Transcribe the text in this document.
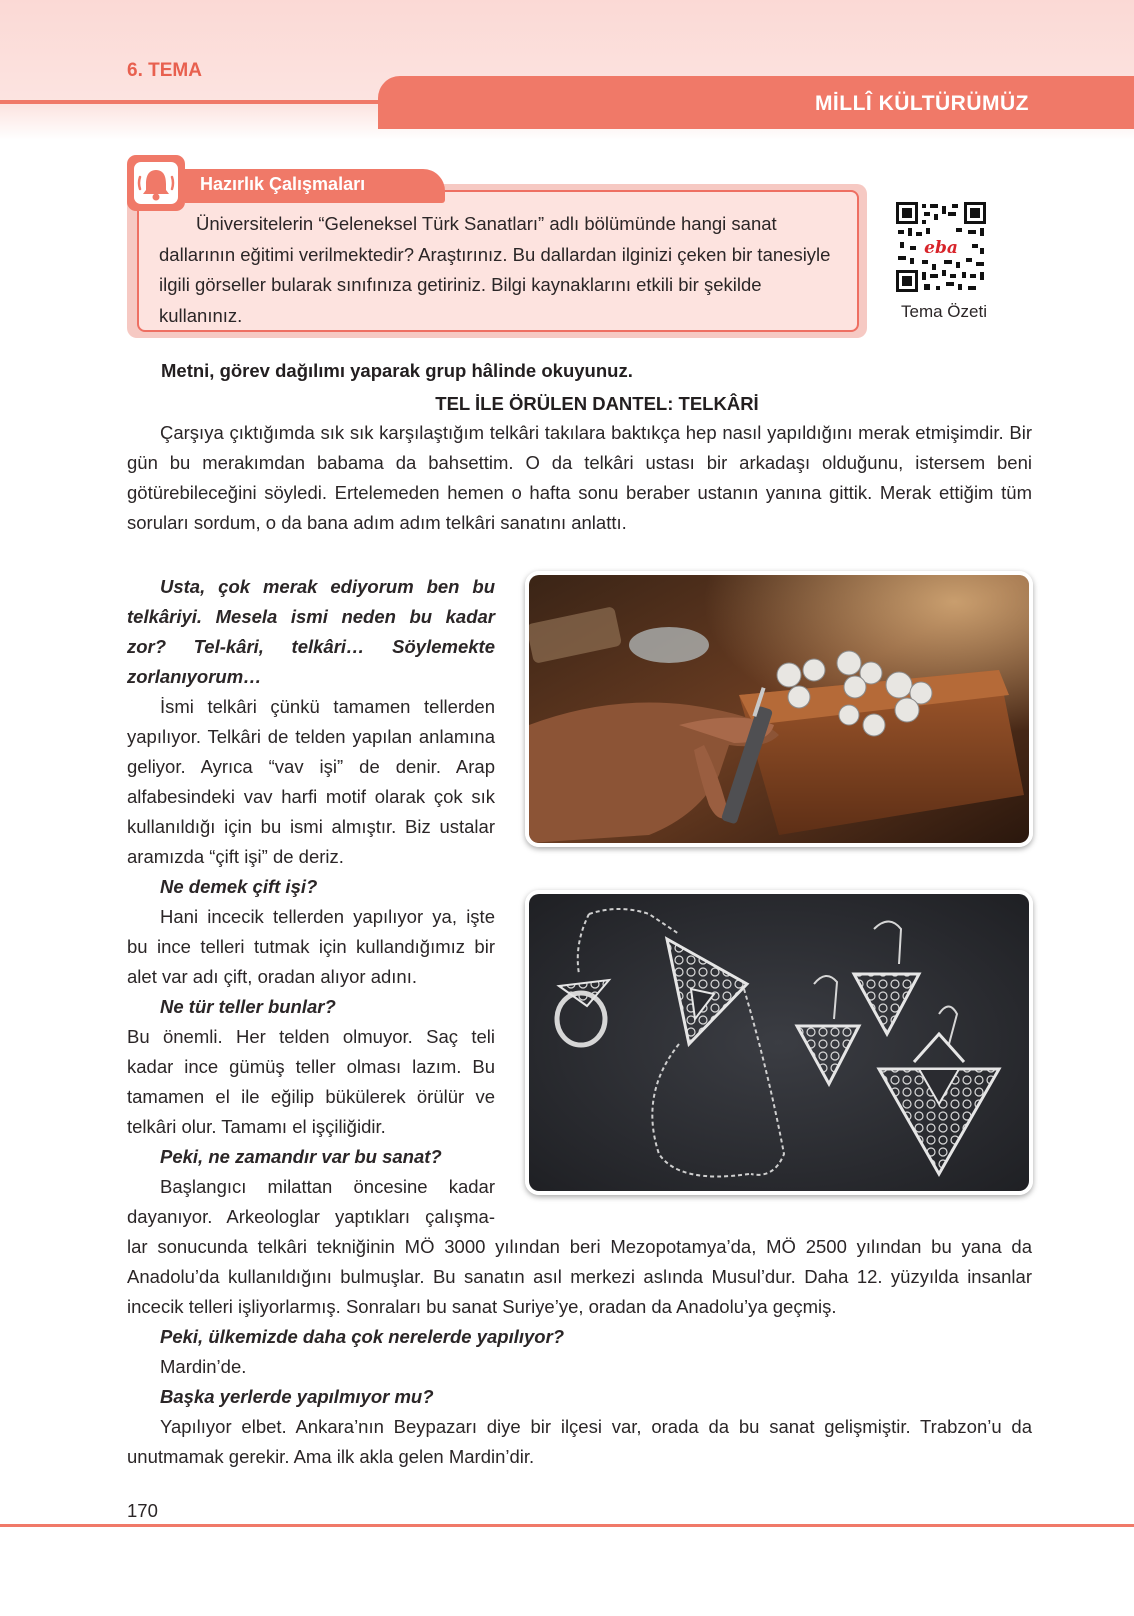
6. TEMA
MİLLÎ KÜLTÜRÜMÜZ

Üniversitelerin “Geleneksel Türk Sanatları” adlı bölümünde hangi sanat dallarının eğitimi verilmektedir? Araştırınız. Bu dallardan ilginizi çeken bir tanesiyle ilgili görseller bularak sınıfınıza getiriniz. Bilgi kaynaklarını etkili bir şekilde kullanınız.

Hazırlık Çalışmaları
eba
Tema Özeti
Metni, görev dağılımı yaparak grup hâlinde okuyunuz.
TEL İLE ÖRÜLEN DANTEL: TELKÂRİ

Çarşıya çıktığımda sık sık karşılaştığım telkâri takılara baktıkça hep nasıl yapıldığını merak etmişimdir. Bir gün bu merakımdan babama da bahsettim. O da telkâri ustası bir arkadaşı olduğunu, istersem beni götürebileceğini söyledi. Ertelemeden hemen o hafta sonu beraber ustanın yanına gittik. Merak ettiğim tüm soruları sordum, o da bana adım adım telkâri sanatını anlattı.

Usta, çok merak ediyorum ben bu telkâriyi. Mesela ismi neden bu kadar zor? Tel-kâri, telkâri… Söylemekte zorlanıyorum…

İsmi telkâri çünkü tamamen tellerden yapılıyor. Telkâri de telden yapılan anlamına geliyor. Ayrıca “vav işi” de denir. Arap alfabesindeki vav harfi motif olarak çok sık kullanıldığı için bu ismi almıştır. Biz ustalar aramızda “çift işi” de deriz.

Ne demek çift işi?

Hani incecik tellerden yapılıyor ya, işte bu ince telleri tutmak için kullandığımız bir alet var adı çift, oradan alıyor adını.

Ne tür teller bunlar?

Bu önemli. Her telden olmuyor. Saç teli kadar ince gümüş teller olması lazım. Bu tamamen el ile eğilip bükülerek örülür ve telkâri olur. Tamamı el işçiliğidir.

Peki, ne zamandır var bu sanat?

Başlangıcı milattan öncesine kadar dayanıyor. Arkeologlar yaptıkları çalışma-

lar sonucunda telkâri tekniğinin MÖ 3000 yılından beri Mezopotamya’da, MÖ 2500 yılından bu yana da Anadolu’da kullanıldığını bulmuşlar. Bu sanatın asıl merkezi aslında Musul’dur. Daha 12. yüzyılda insanlar incecik telleri işliyorlarmış. Sonraları bu sanat Suriye’ye, oradan da Anadolu’ya geçmiş.

Peki, ülkemizde daha çok nerelerde yapılıyor?

Mardin’de.

Başka yerlerde yapılmıyor mu?

Yapılıyor elbet. Ankara’nın Beypazarı diye bir ilçesi var, orada da bu sanat gelişmiştir. Trabzon’u da unutmamak gerekir. Ama ilk akla gelen Mardin’dir.

170
